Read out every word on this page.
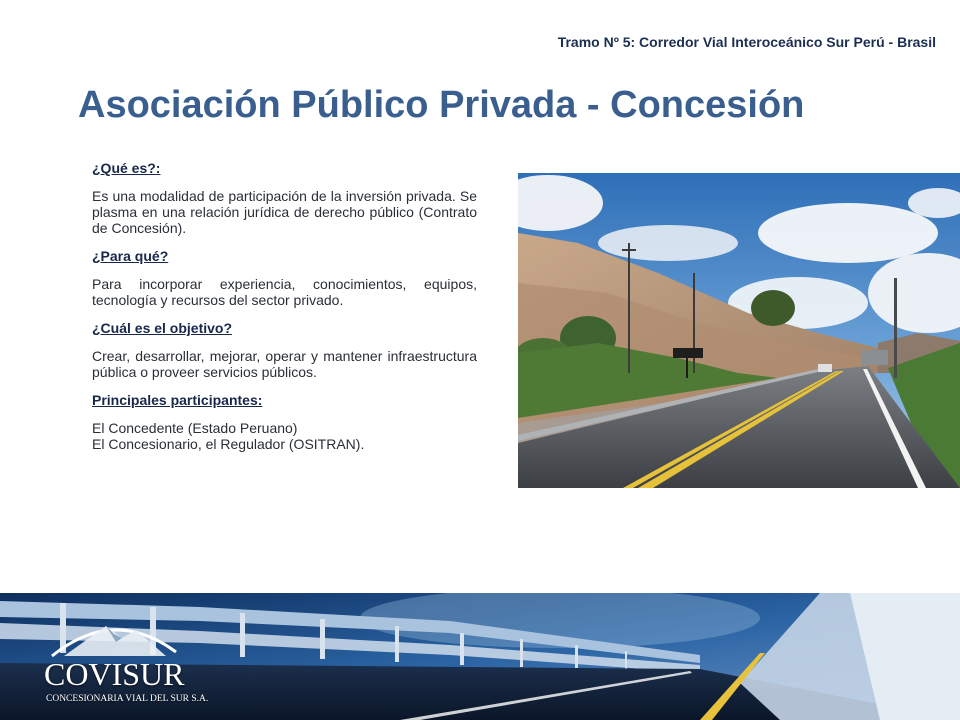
Tramo Nº 5: Corredor Vial Interoceánico Sur Perú - Brasil
Asociación Público Privada - Concesión

¿Qué es?:

Es una modalidad de participación de la inversión privada. Se plasma en una relación jurídica de derecho público (Contrato de Concesión).

¿Para qué?

Para incorporar experiencia, conocimientos, equipos, tecnología y recursos del sector privado.

¿Cuál es el objetivo?

Crear, desarrollar, mejorar, operar y mantener infraestructura pública o proveer servicios públicos.

Principales participantes:

El Concedente (Estado Peruano)
El Concesionario, el Regulador (OSITRAN).

COVISUR
CONCESIONARIA VIAL DEL SUR S.A.
